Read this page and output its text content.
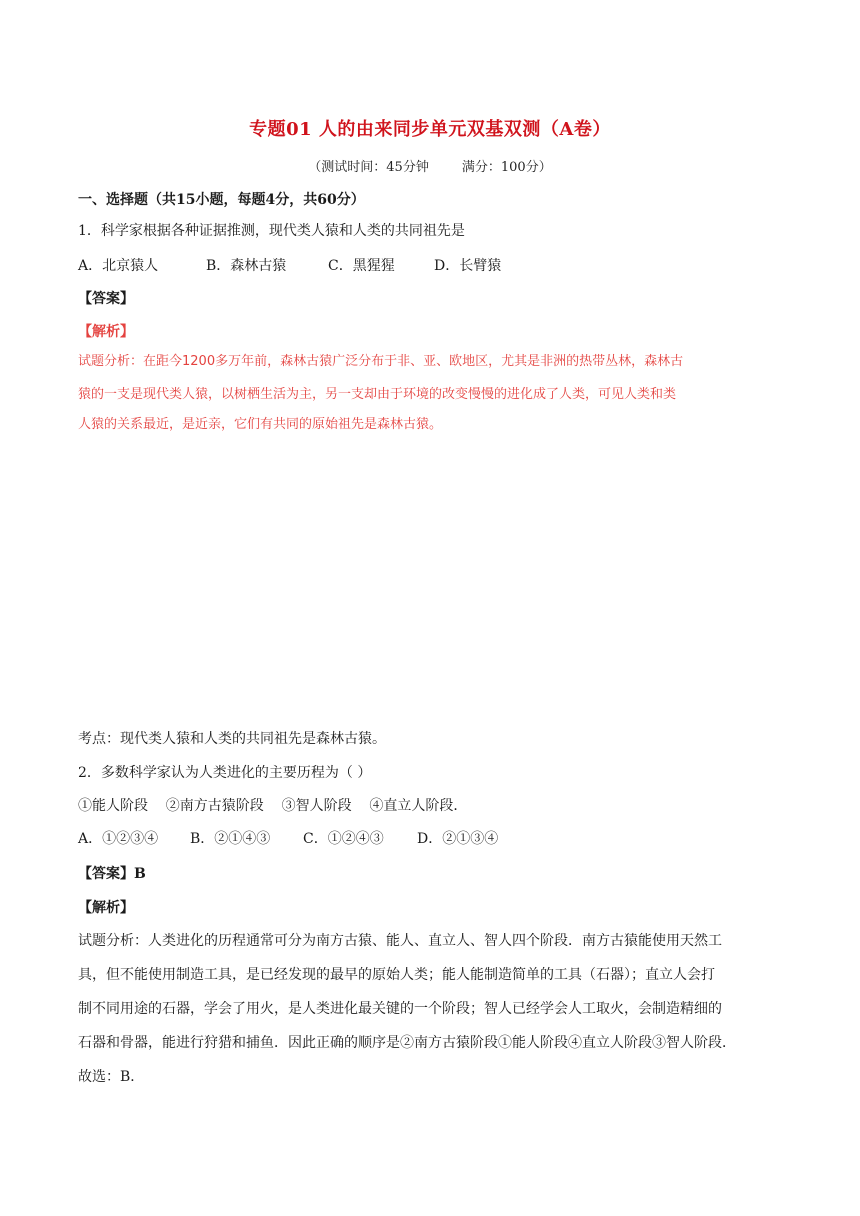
专题01 人的由来同步单元双基双测（A卷）
（测试时间：45分钟        满分：100分）
一、选择题（共15小题，每题4分，共60分）
1．科学家根据各种证据推测，现代类人猿和人类的共同祖先是
A．北京猿人	B．森林古猿	C．黑猩猩	D．长臂猿
【答案】
【解析】
试题分析：在距今1200多万年前，森林古猿广泛分布于非、亚、欧地区，尤其是非洲的热带丛林，森林古
猿的一支是现代类人猿，以树栖生活为主，另一支却由于环境的改变慢慢的进化成了人类，可见人类和类
人猿的关系最近，是近亲，它们有共同的原始祖先是森林古猿。
考点：现代类人猿和人类的共同祖先是森林古猿。
2．多数科学家认为人类进化的主要历程为（ ）
①能人阶段    ②南方古猿阶段    ③智人阶段    ④直立人阶段．
A．①②③④ B．②①④③ C．①②④③ D．②①③④
【答案】B
【解析】
试题分析：人类进化的历程通常可分为南方古猿、能人、直立人、智人四个阶段．南方古猿能使用天然工
具，但不能使用制造工具，是已经发现的最早的原始人类；能人能制造简单的工具（石器）；直立人会打
制不同用途的石器，学会了用火，是人类进化最关键的一个阶段；智人已经学会人工取火，会制造精细的
石器和骨器，能进行狩猎和捕鱼．因此正确的顺序是②南方古猿阶段①能人阶段④直立人阶段③智人阶段．
故选：B．
